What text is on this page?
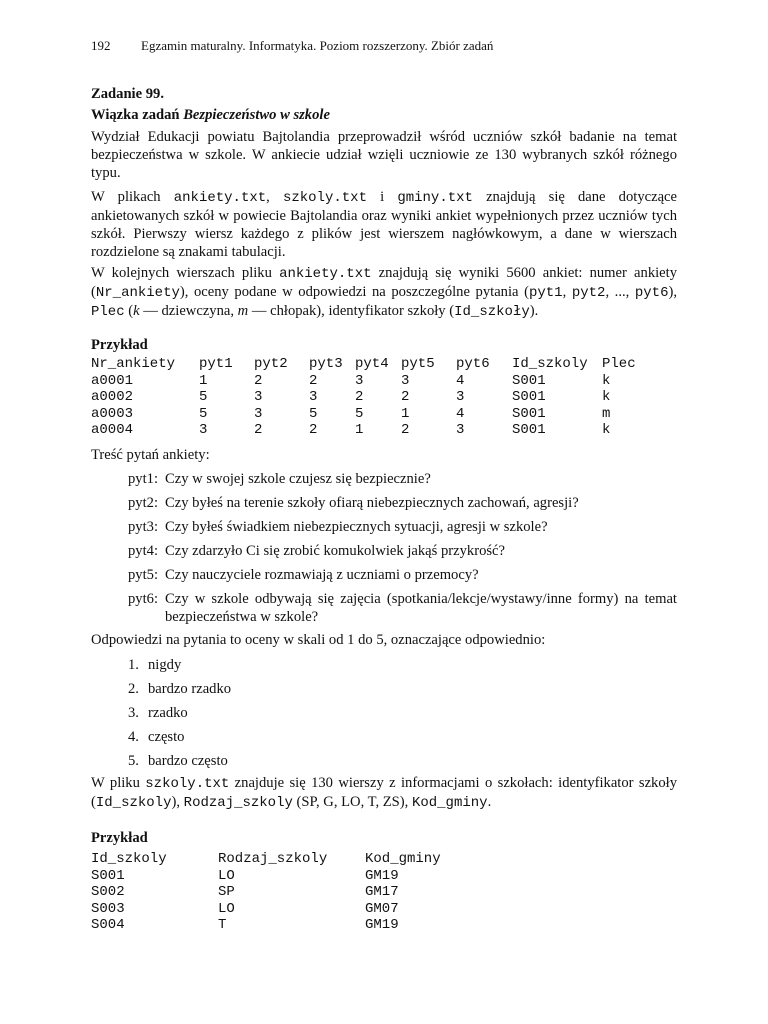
192 Egzamin maturalny. Informatyka. Poziom rozszerzony. Zbiór zadań
Zadanie 99.
Wiązka zadań Bezpieczeństwo w szkole
Wydział Edukacji powiatu Bajtolandia przeprowadził wśród uczniów szkół badanie na temat bezpieczeństwa w szkole. W ankiecie udział wzięli uczniowie ze 130 wybranych szkół różnego typu.
W plikach ankiety.txt, szkoly.txt i gminy.txt znajdują się dane dotyczące ankietowanych szkół w powiecie Bajtolandia oraz wyniki ankiet wypełnionych przez uczniów tych szkół. Pierwszy wiersz każdego z plików jest wierszem nagłówkowym, a dane w wierszach rozdzielone są znakami tabulacji.
W kolejnych wierszach pliku ankiety.txt znajdują się wyniki 5600 ankiet: numer ankiety (Nr_ankiety), oceny podane w odpowiedzi na poszczególne pytania (pyt1, pyt2, ..., pyt6), Plec (k — dziewczyna, m — chłopak), identyfikator szkoły (Id_szkoły).
Przykład
Nr_ankiety	pyt1	pyt2	pyt3	pyt4	pyt5	pyt6	Id_szkoly	Plec
a0001	1	2	2	3	3	4	S001	k
a0002	5	3	3	2	2	3	S001	k
a0003	5	3	5	5	1	4	S001	m
a0004	3	2	2	1	2	3	S001	k
Treść pytań ankiety:
pyt1: Czy w swojej szkole czujesz się bezpiecznie?
pyt2: Czy byłeś na terenie szkoły ofiarą niebezpiecznych zachowań, agresji?
pyt3: Czy byłeś świadkiem niebezpiecznych sytuacji, agresji w szkole?
pyt4: Czy zdarzyło Ci się zrobić komukolwiek jakąś przykrość?
pyt5: Czy nauczyciele rozmawiają z uczniami o przemocy?
pyt6: Czy w szkole odbywają się zajęcia (spotkania/lekcje/wystawy/inne formy) na temat bezpieczeństwa w szkole?
Odpowiedzi na pytania to oceny w skali od 1 do 5, oznaczające odpowiednio:
1. nigdy
2. bardzo rzadko
3. rzadko
4. często
5. bardzo często
W pliku szkoly.txt znajduje się 130 wierszy z informacjami o szkołach: identyfikator szkoły (Id_szkoly), Rodzaj_szkoly (SP, G, LO, T, ZS), Kod_gminy.
Przykład
Id_szkoly	Rodzaj_szkoly	Kod_gminy
S001	LO	GM19
S002	SP	GM17
S003	LO	GM07
S004	T	GM19
